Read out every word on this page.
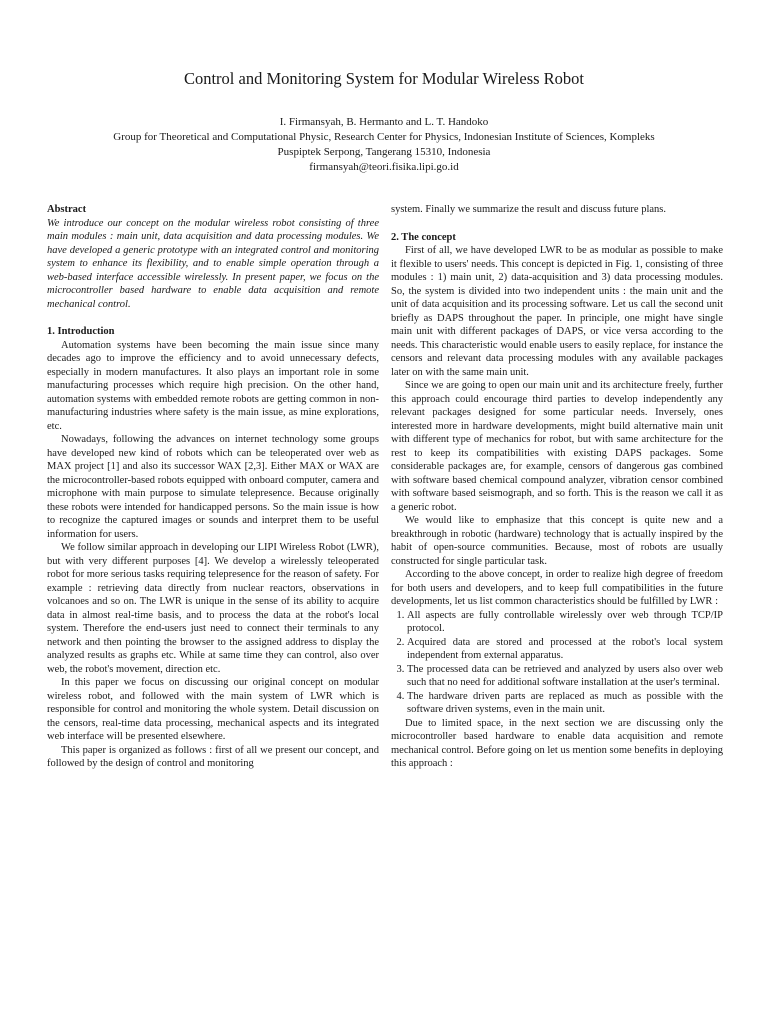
Control and Monitoring System for Modular Wireless Robot
I. Firmansyah, B. Hermanto and L. T. Handoko
Group for Theoretical and Computational Physic, Research Center for Physics, Indonesian Institute of Sciences, Kompleks
Puspiptek Serpong, Tangerang 15310, Indonesia
firmansyah@teori.fisika.lipi.go.id

Abstract

We introduce our concept on the modular wireless robot consisting of three main modules : main unit, data acquisition and data processing modules. We have developed a generic prototype with an integrated control and monitoring system to enhance its flexibility, and to enable simple operation through a web-based interface accessible wirelessly. In present paper, we focus on the microcontroller based hardware to enable data acquisition and remote mechanical control.

1. Introduction

Automation systems have been becoming the main issue since many decades ago to improve the efficiency and to avoid unnecessary defects, especially in modern manufactures. It also plays an important role in some manufacturing processes which require high precision. On the other hand, automation systems with embedded remote robots are getting common in non-manufacturing industries where safety is the main issue, as mine explorations, etc.

Nowadays, following the advances on internet technology some groups have developed new kind of robots which can be teleoperated over web as MAX project [1] and also its successor WAX [2,3]. Either MAX or WAX are the microcontroller-based robots equipped with onboard computer, camera and microphone with main purpose to simulate telepresence. Because originally these robots were intended for handicapped persons. So the main issue is how to recognize the captured images or sounds and interpret them to be useful information for users.

We follow similar approach in developing our LIPI Wireless Robot (LWR), but with very different purposes [4]. We develop a wirelessly teleoperated robot for more serious tasks requiring telepresence for the reason of safety. For example : retrieving data directly from nuclear reactors, observations in volcanoes and so on. The LWR is unique in the sense of its ability to acquire data in almost real-time basis, and to process the data at the robot's local system. Therefore the end-users just need to connect their terminals to any network and then pointing the browser to the assigned address to display the analyzed results as graphs etc. While at same time they can control, also over web, the robot's movement, direction etc.

In this paper we focus on discussing our original concept on modular wireless robot, and followed with the main system of LWR which is responsible for control and monitoring the whole system. Detail discussion on the censors, real-time data processing, mechanical aspects and its integrated web interface will be presented elsewhere.

This paper is organized as follows : first of all we present our concept, and followed by the design of control and monitoring

system. Finally we summarize the result and discuss future plans.

2. The concept

First of all, we have developed LWR to be as modular as possible to make it flexible to users' needs. This concept is depicted in Fig. 1, consisting of three modules : 1) main unit, 2) data-acquisition and 3) data processing modules. So, the system is divided into two independent units : the main unit and the unit of data acquisition and its processing software. Let us call the second unit briefly as DAPS throughout the paper. In principle, one might have single main unit with different packages of DAPS, or vice versa according to the needs. This characteristic would enable users to easily replace, for instance the censors and relevant data processing modules with any available packages later on with the same main unit.

Since we are going to open our main unit and its architecture freely, further this approach could encourage third parties to develop independently any relevant packages designed for some particular needs. Inversely, ones interested more in hardware developments, might build alternative main unit with different type of mechanics for robot, but with same architecture for the rest to keep its compatibilities with existing DAPS packages. Some considerable packages are, for example, censors of dangerous gas combined with software based chemical compound analyzer, vibration censor combined with software based seismograph, and so forth. This is the reason we call it as a generic robot.

We would like to emphasize that this concept is quite new and a breakthrough in robotic (hardware) technology that is actually inspired by the habit of open-source communities. Because, most of robots are usually constructed for single particular task.

According to the above concept, in order to realize high degree of freedom for both users and developers, and to keep full compatibilities in the future developments, let us list common characteristics should be fulfilled by LWR :

1. All aspects are fully controllable wirelessly over web through TCP/IP protocol.
2. Acquired data are stored and processed at the robot's local system independent from external apparatus.
3. The processed data can be retrieved and analyzed by users also over web such that no need for additional software installation at the user's terminal.
4. The hardware driven parts are replaced as much as possible with the software driven systems, even in the main unit.

Due to limited space, in the next section we are discussing only the microcontroller based hardware to enable data acquisition and remote mechanical control. Before going on let us mention some benefits in deploying this approach :
